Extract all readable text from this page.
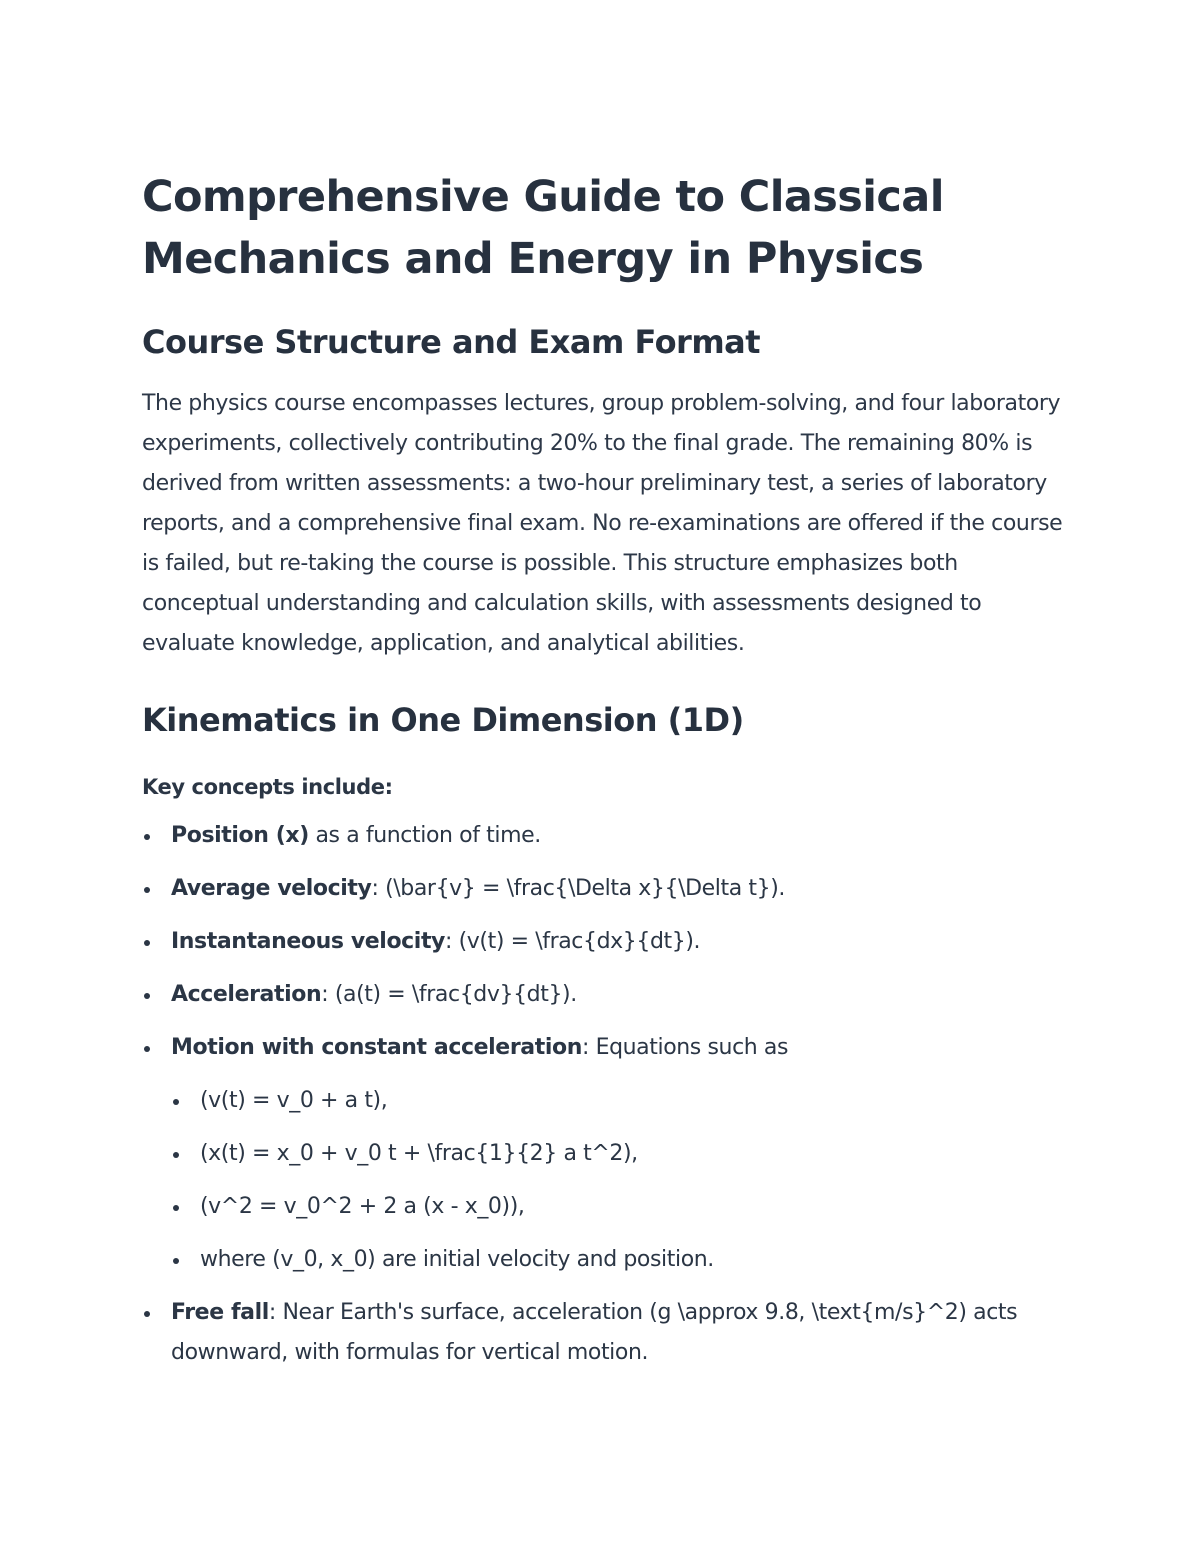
Comprehensive Guide to Classical Mechanics and Energy in Physics
Course Structure and Exam Format

The physics course encompasses lectures, group problem-solving, and four laboratory experiments, collectively contributing 20% to the final grade. The remaining 80% is derived from written assessments: a two-hour preliminary test, a series of laboratory reports, and a comprehensive final exam. No re-examinations are offered if the course is failed, but re-taking the course is possible. This structure emphasizes both conceptual understanding and calculation skills, with assessments designed to evaluate knowledge, application, and analytical abilities.

Kinematics in One Dimension (1D)

Key concepts include:

Position (x) as a function of time.
Average velocity: (\bar{v} = \frac{\Delta x}{\Delta t}).
Instantaneous velocity: (v(t) = \frac{dx}{dt}).
Acceleration: (a(t) = \frac{dv}{dt}).
Motion with constant acceleration: Equations such as
(v(t) = v_0 + a t),
(x(t) = x_0 + v_0 t + \frac{1}{2} a t^2),
(v^2 = v_0^2 + 2 a (x - x_0)),
where (v_0, x_0) are initial velocity and position.
Free fall: Near Earth's surface, acceleration (g \approx 9.8, \text{m/s}^2) acts downward, with formulas for vertical motion.
